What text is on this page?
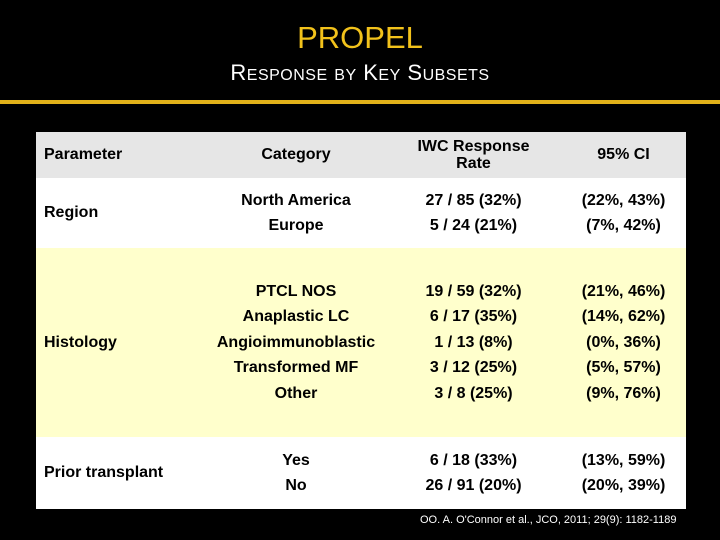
PROPEL
RESPONSE BY KEY SUBSETS
Parameter	Category	IWC Response
Rate
95% CI
Region
North America
Europe
27 / 85 (32%)
5 / 24 (21%)
(22%, 43%)
(7%, 42%)
Histology
PTCL NOS
Anaplastic LC
Angioimmunoblastic
Transformed MF
Other
19 / 59 (32%)
6 / 17 (35%)
1 / 13 (8%)
3 / 12 (25%)
3 / 8 (25%)
(21%, 46%)
(14%, 62%)
(0%, 36%)
(5%, 57%)
(9%, 76%)
Prior transplant
Yes
No
6 / 18 (33%)
26 / 91 (20%)
(13%, 59%)
(20%, 39%)
OO. A. O'Connor et al., JCO, 2011; 29(9): 1182-1189
